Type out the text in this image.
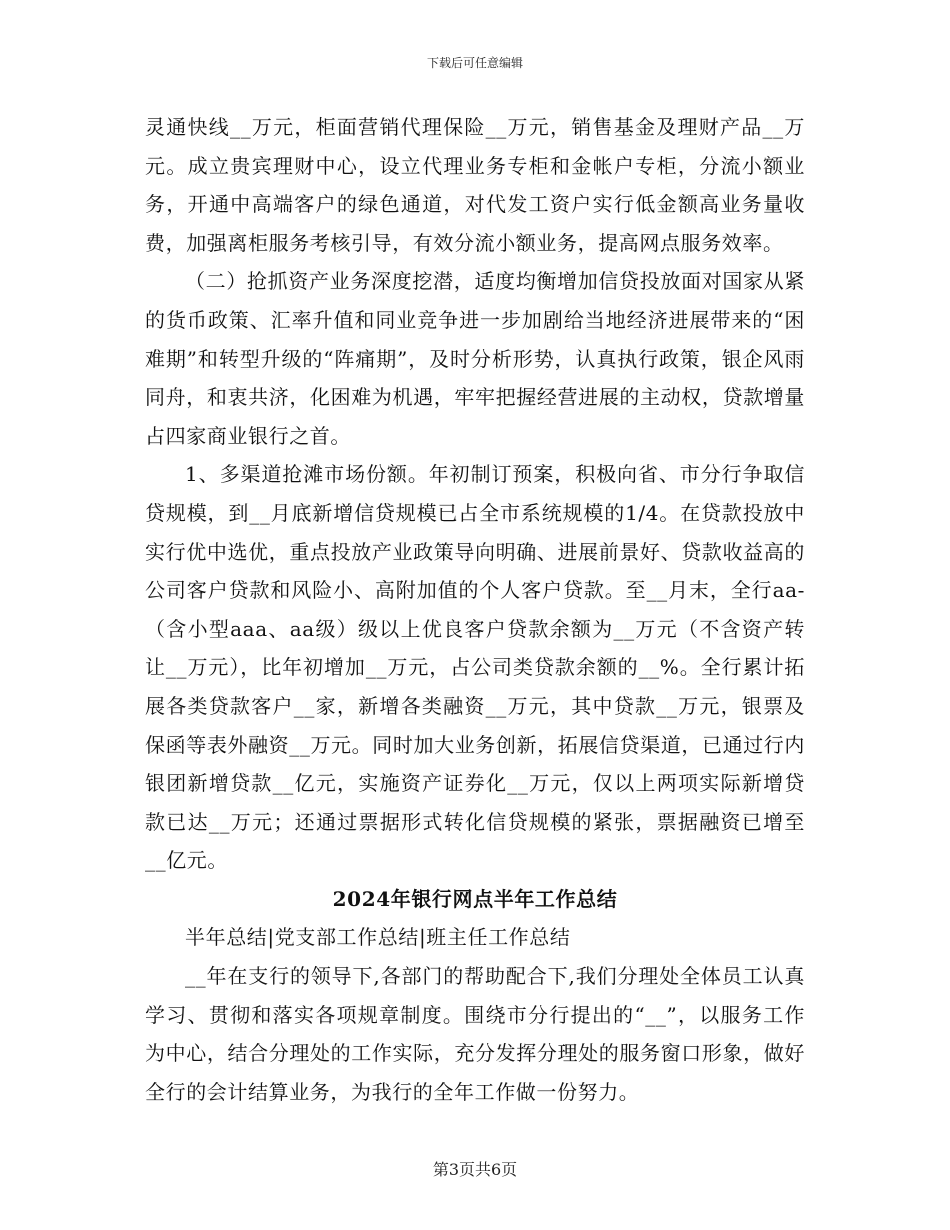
下载后可任意编辑

灵通快线__万元，柜面营销代理保险__万元，销售基金及理财产品__万元。成立贵宾理财中心，设立代理业务专柜和金帐户专柜，分流小额业务，开通中高端客户的绿色通道，对代发工资户实行低金额高业务量收费，加强离柜服务考核引导，有效分流小额业务，提高网点服务效率。

（二）抢抓资产业务深度挖潜，适度均衡增加信贷投放面对国家从紧的货币政策、汇率升值和同业竞争进一步加剧给当地经济进展带来的“困难期”和转型升级的“阵痛期”，及时分析形势，认真执行政策，银企风雨同舟，和衷共济，化困难为机遇，牢牢把握经营进展的主动权，贷款增量占四家商业银行之首。

1、多渠道抢滩市场份额。年初制订预案，积极向省、市分行争取信贷规模，到__月底新增信贷规模已占全市系统规模的1/4。在贷款投放中实行优中选优，重点投放产业政策导向明确、进展前景好、贷款收益高的公司客户贷款和风险小、高附加值的个人客户贷款。至__月末，全行aa-（含小型aaa、aa级）级以上优良客户贷款余额为__万元（不含资产转让__万元），比年初增加__万元，占公司类贷款余额的__%。全行累计拓展各类贷款客户__家，新增各类融资__万元，其中贷款__万元，银票及保函等表外融资__万元。同时加大业务创新，拓展信贷渠道，已通过行内银团新增贷款__亿元，实施资产证券化__万元，仅以上两项实际新增贷款已达__万元；还通过票据形式转化信贷规模的紧张，票据融资已增至__亿元。

2024年银行网点半年工作总结

半年总结|党支部工作总结|班主任工作总结

__年在支行的领导下,各部门的帮助配合下,我们分理处全体员工认真学习、贯彻和落实各项规章制度。围绕市分行提出的“__”，以服务工作为中心，结合分理处的工作实际，充分发挥分理处的服务窗口形象，做好全行的会计结算业务，为我行的全年工作做一份努力。

第3页共6页
